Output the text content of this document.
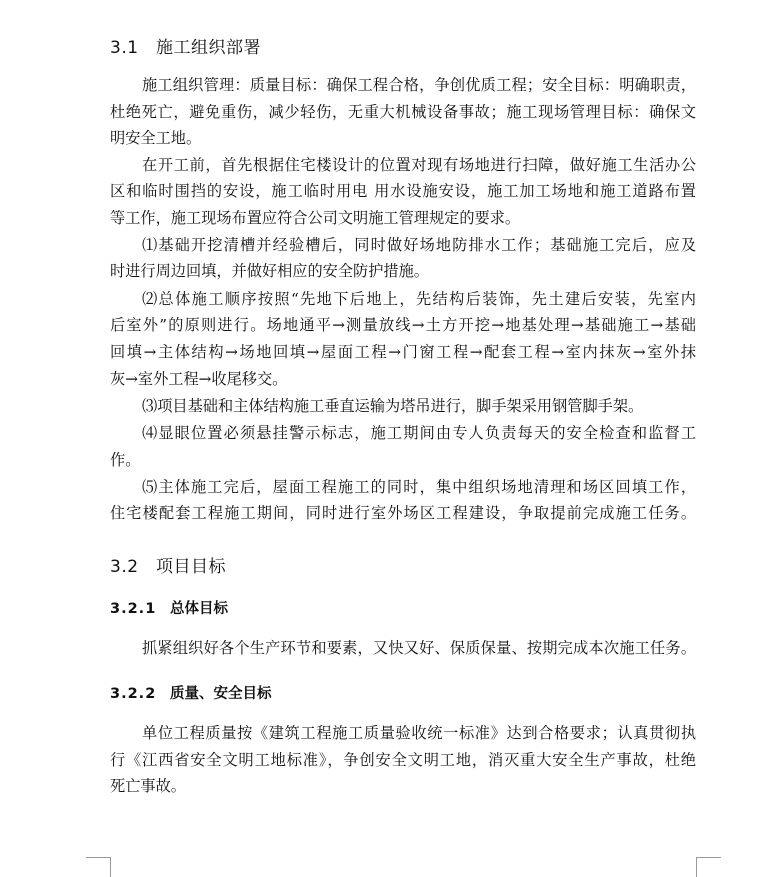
3.1 施工组织部署
施工组织管理：质量目标：确保工程合格，争创优质工程；安全目标：明确职责，
杜绝死亡，避免重伤，减少轻伤，无重大机械设备事故；施工现场管理目标：确保文
明安全工地。
在开工前，首先根据住宅楼设计的位置对现有场地进行扫障，做好施工生活办公
区和临时围挡的安设，施工临时用电 用水设施安设，施工加工场地和施工道路布置
等工作，施工现场布置应符合公司文明施工管理规定的要求。
⑴基础开挖清槽并经验槽后，同时做好场地防排水工作；基础施工完后，应及
时进行周边回填，并做好相应的安全防护措施。
⑵总体施工顺序按照“先地下后地上，先结构后装饰，先土建后安装，先室内
后室外”的原则进行。场地通平→测量放线→土方开挖→地基处理→基础施工→基础
回填→主体结构→场地回填→屋面工程→门窗工程→配套工程→室内抹灰→室外抹
灰→室外工程→收尾移交。
⑶项目基础和主体结构施工垂直运输为塔吊进行，脚手架采用钢管脚手架。
⑷显眼位置必须悬挂警示标志，施工期间由专人负责每天的安全检查和监督工
作。
⑸主体施工完后，屋面工程施工的同时，集中组织场地清理和场区回填工作，
住宅楼配套工程施工期间，同时进行室外场区工程建设，争取提前完成施工任务。
3.2 项目目标
3.2.1 总体目标
抓紧组织好各个生产环节和要素，又快又好、保质保量、按期完成本次施工任务。
3.2.2 质量、安全目标
单位工程质量按《建筑工程施工质量验收统一标准》达到合格要求；认真贯彻执
行《江西省安全文明工地标准》，争创安全文明工地，消灭重大安全生产事故，杜绝
死亡事故。
